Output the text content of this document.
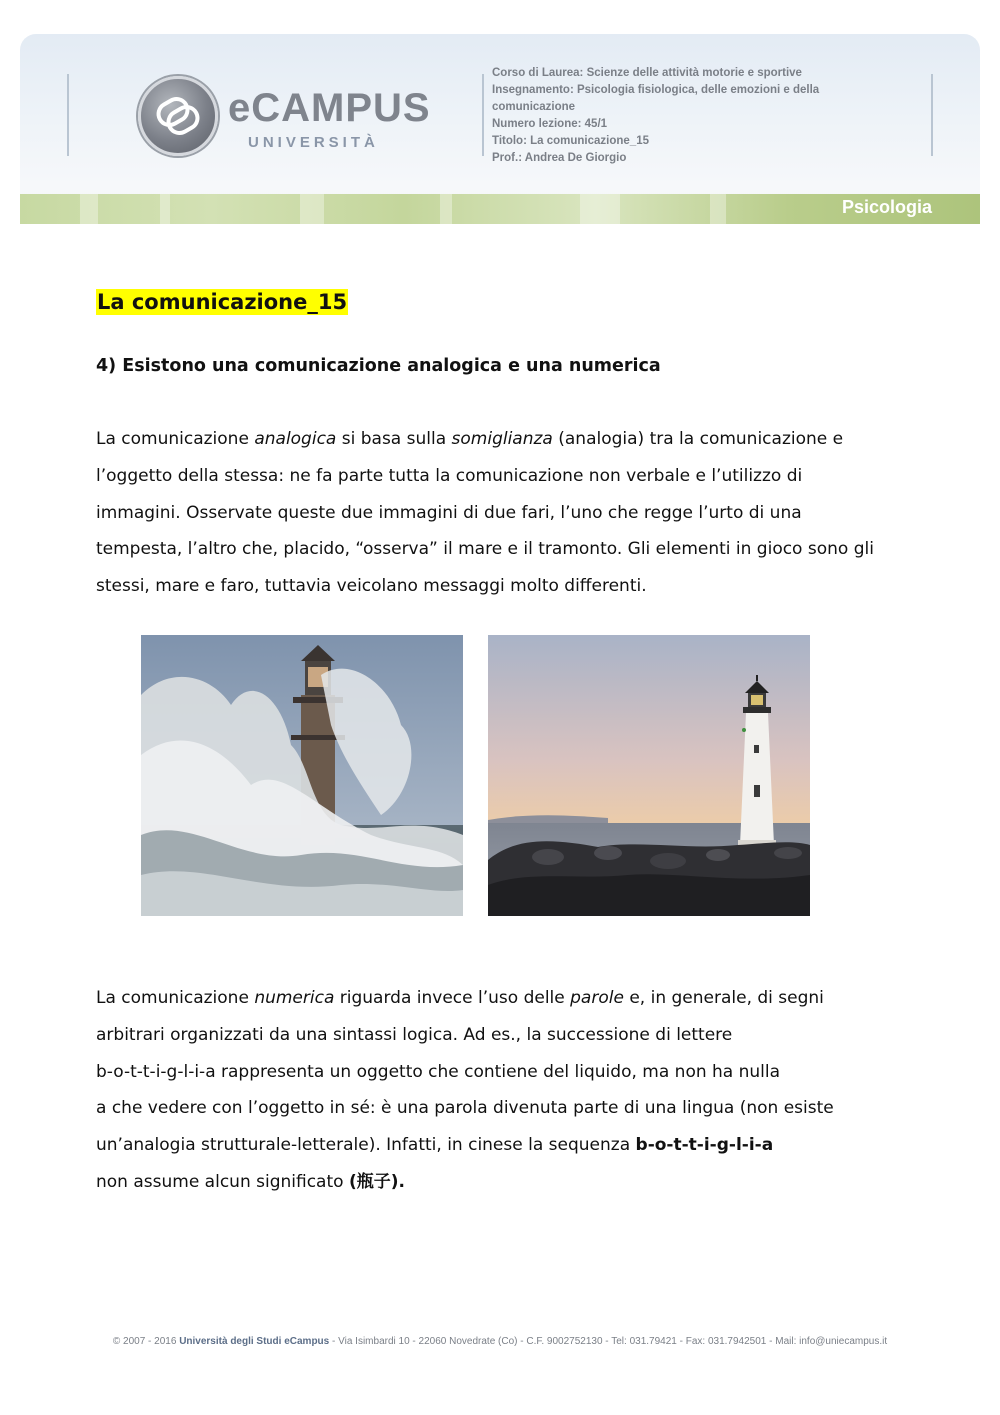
eCAMPUS
UNIVERSITÀ
Corso di Laurea: Scienze delle attività motorie e sportive
Insegnamento: Psicologia fisiologica, delle emozioni e della
comunicazione
Numero lezione: 45/1
Titolo: La comunicazione_15
Prof.: Andrea De Giorgio
Psicologia
La comunicazione_15
4) Esistono una comunicazione analogica e una numerica

La comunicazione analogica si basa sulla somiglianza (analogia) tra la comunicazione e

l’oggetto della stessa: ne fa parte tutta la comunicazione non verbale e l’utilizzo di

immagini. Osservate queste due immagini di due fari, l’uno che regge l’urto di una

tempesta, l’altro che, placido, “osserva” il mare e il tramonto. Gli elementi in gioco sono gli

stessi, mare e faro, tuttavia veicolano messaggi molto differenti.

La comunicazione numerica riguarda invece l’uso delle parole e, in generale, di segni

arbitrari organizzati da una sintassi logica. Ad es., la successione di lettere

b-o-t-t-i-g-l-i-a rappresenta un oggetto che contiene del liquido, ma non ha nulla

a che vedere con l’oggetto in sé: è una parola divenuta parte di una lingua (non esiste

un’analogia strutturale-letterale). Infatti, in cinese la sequenza b-o-t-t-i-g-l-i-a

non assume alcun significato (瓶子).

© 2007 - 2016 Università degli Studi eCampus - Via Isimbardi 10 - 22060 Novedrate (Co) - C.F. 9002752130 - Tel: 031.79421 - Fax: 031.7942501 - Mail: info@uniecampus.it
